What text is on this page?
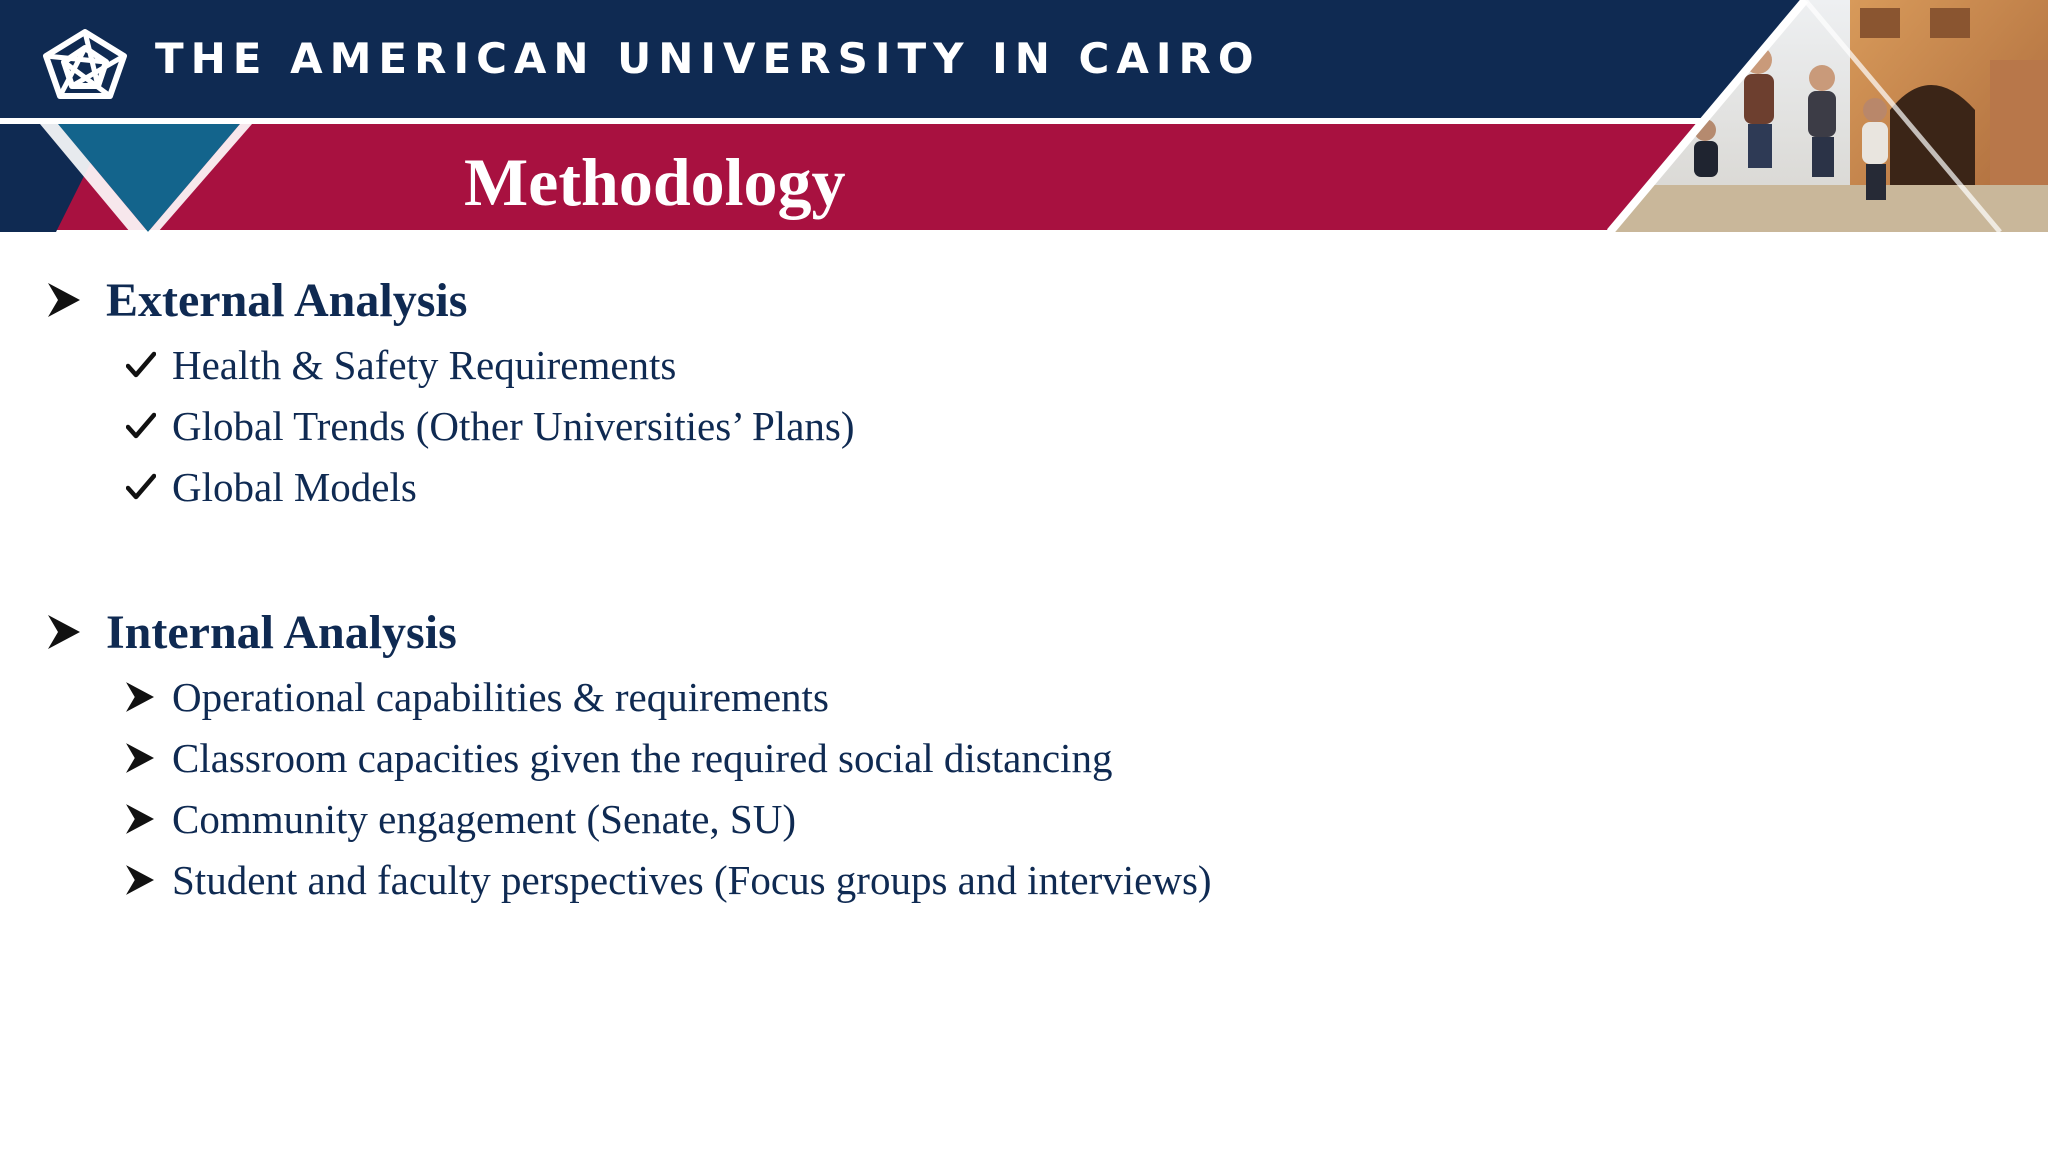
THE AMERICAN UNIVERSITY IN CAIRO
Methodology
External Analysis
Health & Safety Requirements
Global Trends (Other Universities’ Plans)
Global Models
Internal Analysis
Operational capabilities & requirements
Classroom capacities given the required social distancing
Community engagement (Senate, SU)
Student and faculty perspectives (Focus groups and interviews)
